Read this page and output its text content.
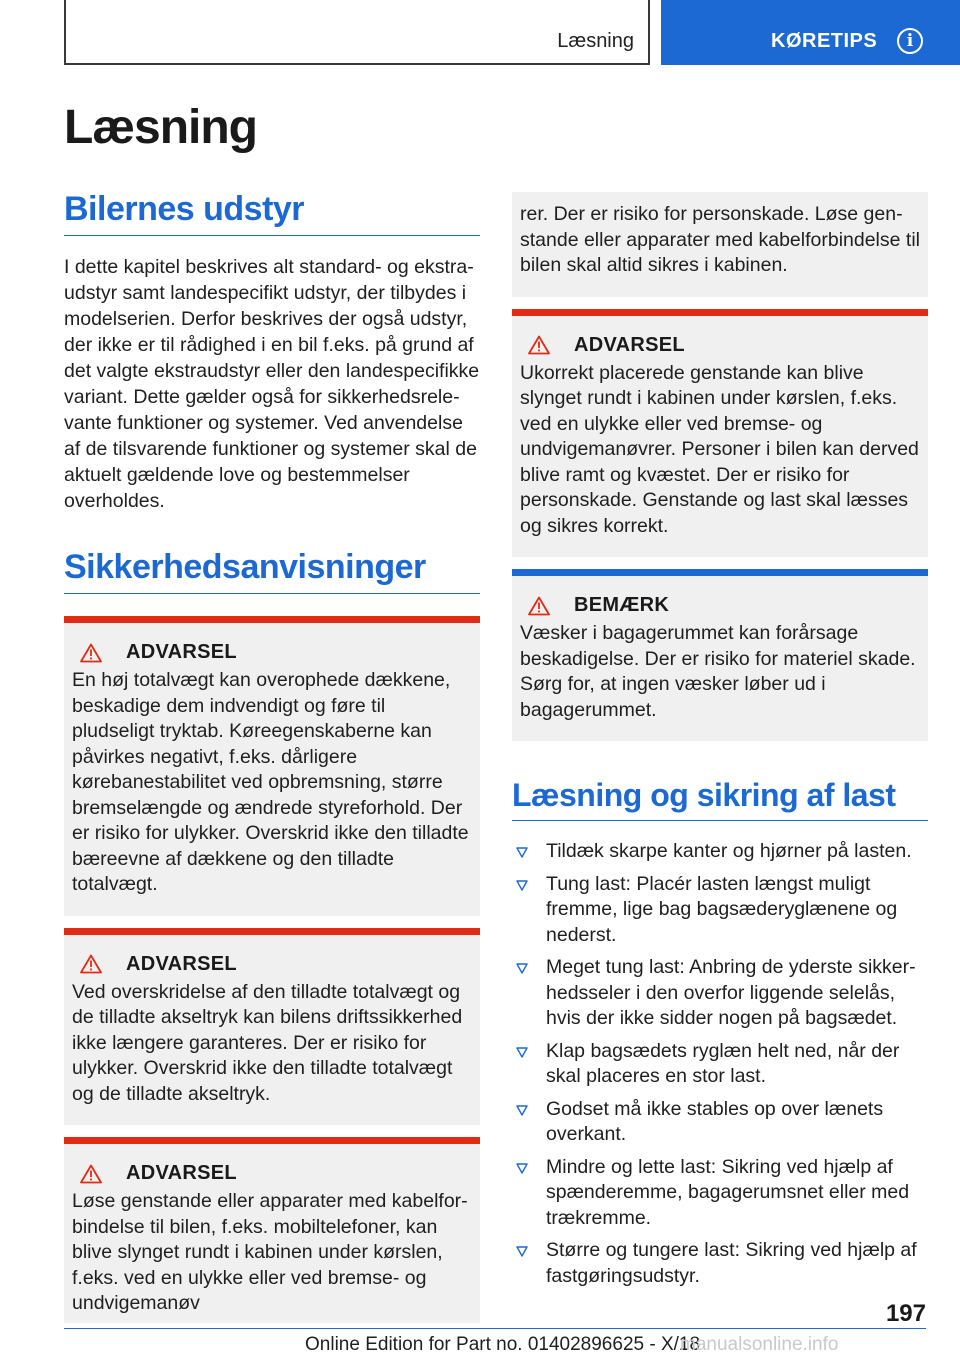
Læsning	KØRETIPS	i
Læsning
Bilernes udstyr

I dette kapitel beskrives alt standard- og ekstraudstyr samt landespecifikt udstyr, der tilbydes i modelserien. Derfor beskrives der også udstyr, der ikke er til rådighed i en bil f.eks. på grund af det valgte ekstraudstyr eller den landespecifikke variant. Dette gælder også for sikkerhedsrelevante funktioner og systemer. Ved anvendelse af de tilsvarende funktioner og systemer skal de aktuelt gældende love og bestemmelser overholdes.

Sikkerhedsanvisninger
ADVARSEL

En høj totalvægt kan overophede dækkene, beskadige dem indvendigt og føre til pludseligt tryktab. Køreegenskaberne kan påvirkes negativt, f.eks. dårligere kørebanestabilitet ved opbremsning, større bremselængde og ændrede styreforhold. Der er risiko for ulykker. Overskrid ikke den tilladte bæreevne af dækkene og den tilladte totalvægt.

ADVARSEL

Ved overskridelse af den tilladte totalvægt og de tilladte akseltryk kan bilens driftssikkerhed ikke længere garanteres. Der er risiko for ulykker. Overskrid ikke den tilladte totalvægt og de tilladte akseltryk.

ADVARSEL

Løse genstande eller apparater med kabelforbindelse til bilen, f.eks. mobiltelefoner, kan blive slynget rundt i kabinen under kørslen, f.eks. ved en ulykke eller ved bremse- og undvigemanøv

rer. Der er risiko for personskade. Løse genstande eller apparater med kabelforbindelse til bilen skal altid sikres i kabinen.

ADVARSEL

Ukorrekt placerede genstande kan blive slynget rundt i kabinen under kørslen, f.eks. ved en ulykke eller ved bremse- og undvigemanøvrer. Personer i bilen kan derved blive ramt og kvæstet. Der er risiko for personskade. Genstande og last skal læsses og sikres korrekt.

BEMÆRK

Væsker i bagagerummet kan forårsage beskadigelse. Der er risiko for materiel skade. Sørg for, at ingen væsker løber ud i bagagerummet.

Læsning og sikring af last
Tildæk skarpe kanter og hjørner på lasten.
Tung last: Placér lasten længst muligt fremme, lige bag bagsæderyglænene og nederst.
Meget tung last: Anbring de yderste sikkerhedsseler i den overfor liggende selelås, hvis der ikke sidder nogen på bagsædet.
Klap bagsædets ryglæn helt ned, når der skal placeres en stor last.
Godset må ikke stables op over lænets overkant.
Mindre og lette last: Sikring ved hjælp af spænderemme, bagagerumsnet eller med trækremme.
Større og tungere last: Sikring ved hjælp af fastgøringsudstyr.
197
Online Edition for Part no. 01402896625 - X/18
manualsonline.info
